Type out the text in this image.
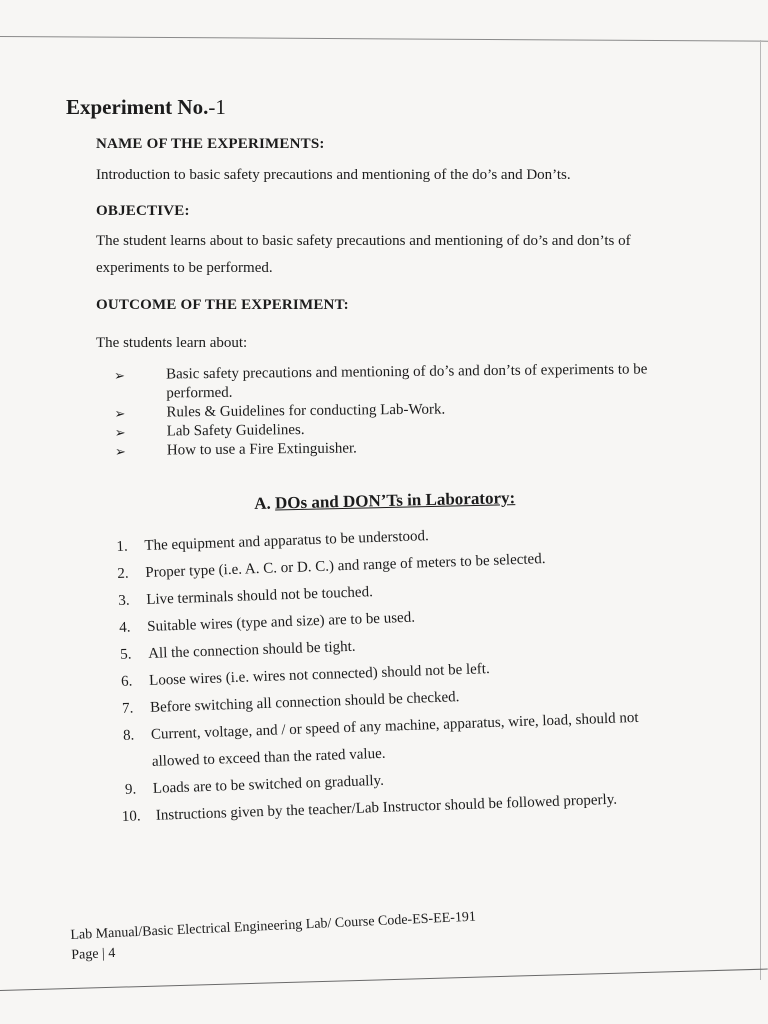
Experiment No.-1
NAME OF THE EXPERIMENTS:

Introduction to basic safety precautions and mentioning of the do’s and Don’ts.

OBJECTIVE:

The student learns about to basic safety precautions and mentioning of do’s and don’ts of

experiments to be performed.

OUTCOME OF THE EXPERIMENT:

The students learn about:

➢	Basic safety precautions and mentioning of do’s and don’ts of experiments to be
performed.
➢	Rules & Guidelines for conducting Lab-Work.
➢	Lab Safety Guidelines.
➢	How to use a Fire Extinguisher.
A. DOs and DON’Ts in Laboratory:
1. The equipment and apparatus to be understood.
2. Proper type (i.e. A. C. or D. C.) and range of meters to be selected.
3. Live terminals should not be touched.
4. Suitable wires (type and size) are to be used.
5. All the connection should be tight.
6. Loose wires (i.e. wires not connected) should not be left.
7. Before switching all connection should be checked.
8. Current, voltage, and / or speed of any machine, apparatus, wire, load, should not
allowed to exceed than the rated value.
9. Loads are to be switched on gradually.
10. Instructions given by the teacher/Lab Instructor should be followed properly.
Lab Manual/Basic Electrical Engineering Lab/ Course Code-ES-EE-191
Page | 4
